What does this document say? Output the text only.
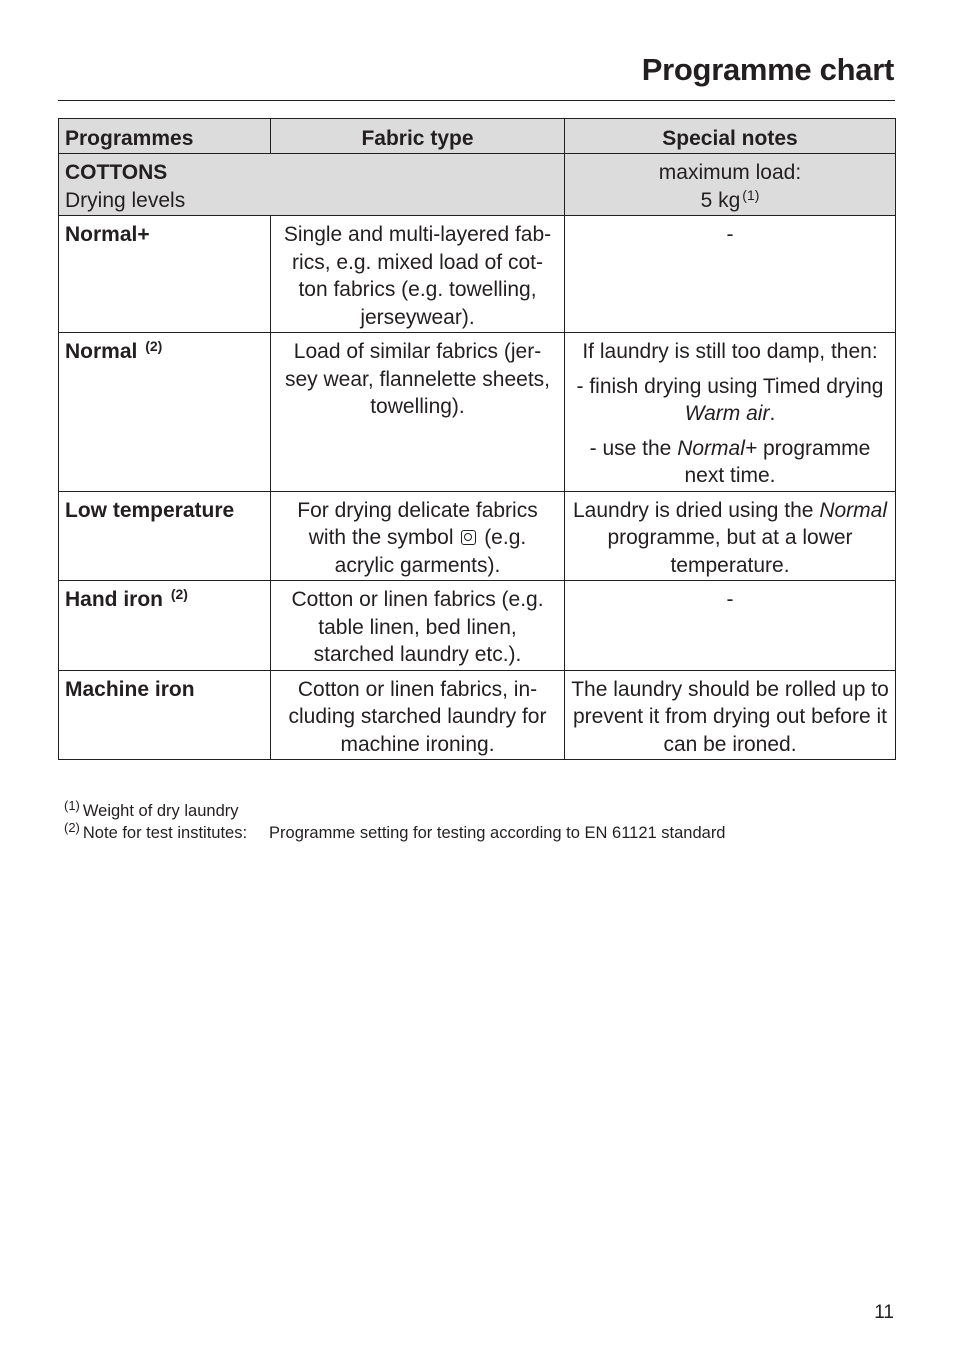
Programme chart
Programmes	Fabric type	Special notes
COTTONS
Drying levels		maximum load:
5 kg $^{(1)}$
Normal+	Single and multi-layered fab-
rics, e.g. mixed load of cot-
ton fabrics (e.g. towelling,
jerseywear).	-
Normal $^{(2)}$	Load of similar fabrics (jer-
sey wear, flannelette sheets,
towelling).	If laundry is still too damp, then:
- finish drying using Timed drying Warm air.
- use the Normal+ programme next time.

Low temperature	For drying delicate fabrics with the symbol (e.g. acrylic garments).	Laundry is dried using the Normal programme, but at a lower temperature.
Hand iron $^{(2)}$	Cotton or linen fabrics (e.g.
table linen, bed linen,
starched laundry etc.).	-
Machine iron	Cotton or linen fabrics, in-
cluding starched laundry for
machine ironing.	The laundry should be rolled up to prevent it from drying out before it can be ironed.
$^{(1)}$ Weight of dry laundry
$^{(2)}$ Note for test institutes: Programme setting for testing according to EN 61121 standard
11
